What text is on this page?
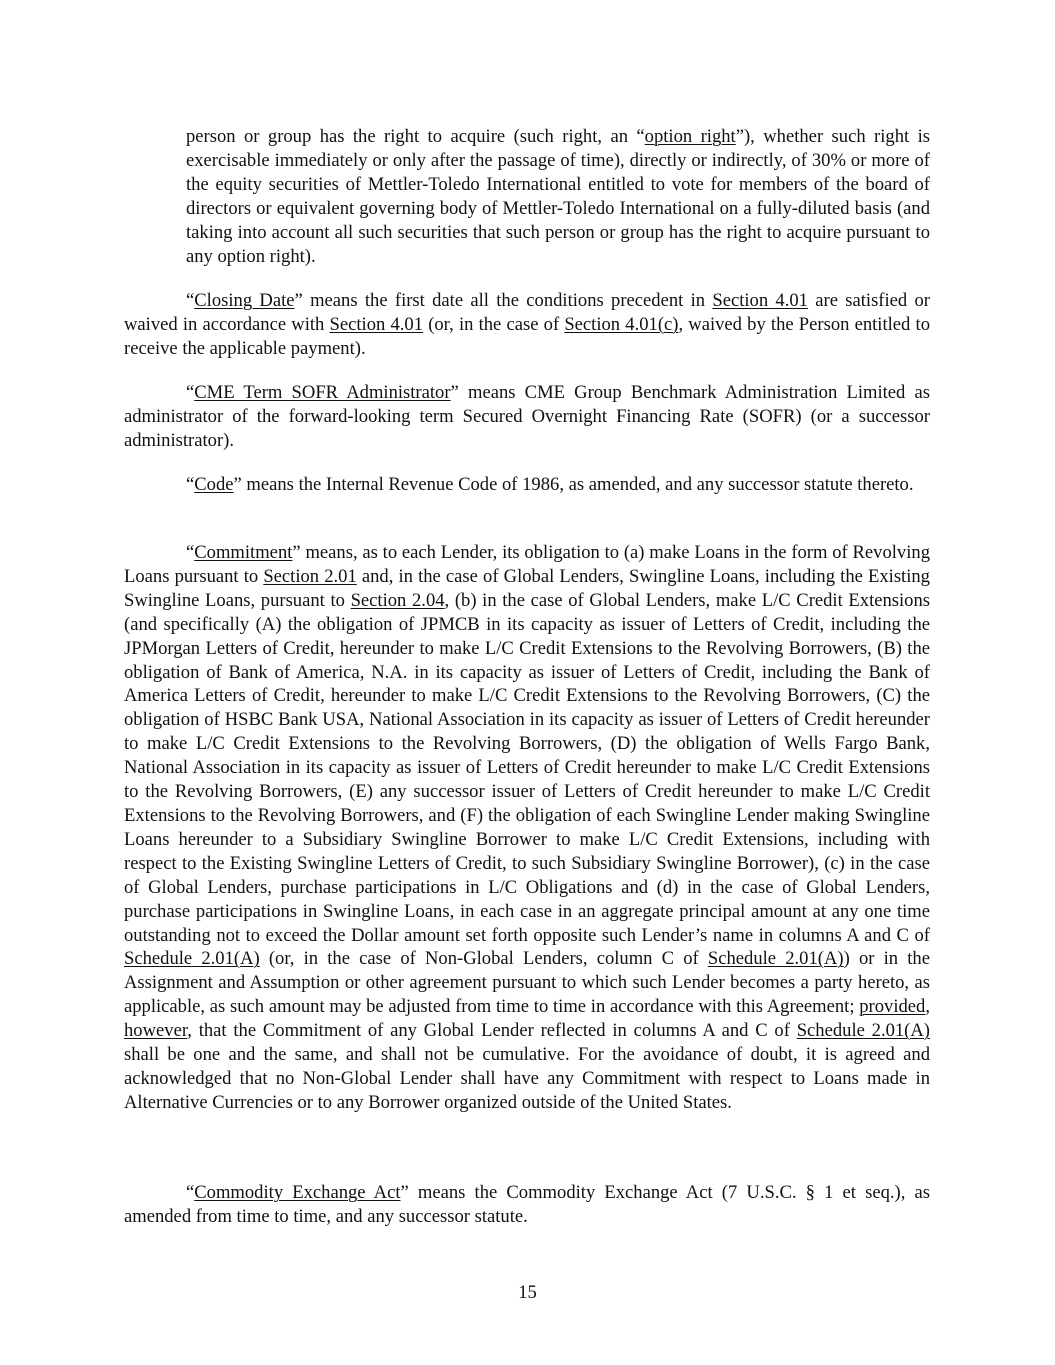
person or group has the right to acquire (such right, an “option right”), whether such right is exercisable immediately or only after the passage of time), directly or indirectly, of 30% or more of the equity securities of Mettler-Toledo International entitled to vote for members of the board of directors or equivalent governing body of Mettler-Toledo International on a fully-diluted basis (and taking into account all such securities that such person or group has the right to acquire pursuant to any option right).

“Closing Date” means the first date all the conditions precedent in Section 4.01 are satisfied or waived in accordance with Section 4.01 (or, in the case of Section 4.01(c), waived by the Person entitled to receive the applicable payment).

“CME Term SOFR Administrator” means CME Group Benchmark Administration Limited as administrator of the forward-looking term Secured Overnight Financing Rate (SOFR) (or a successor administrator).

“Code” means the Internal Revenue Code of 1986, as amended, and any successor statute thereto.

“Commitment” means, as to each Lender, its obligation to (a) make Loans in the form of Revolving Loans pursuant to Section 2.01 and, in the case of Global Lenders, Swingline Loans, including the Existing Swingline Loans, pursuant to Section 2.04, (b) in the case of Global Lenders, make L/C Credit Extensions (and specifically (A) the obligation of JPMCB in its capacity as issuer of Letters of Credit, including the JPMorgan Letters of Credit, hereunder to make L/C Credit Extensions to the Revolving Borrowers, (B) the obligation of Bank of America, N.A. in its capacity as issuer of Letters of Credit, including the Bank of America Letters of Credit, hereunder to make L/C Credit Extensions to the Revolving Borrowers, (C) the obligation of HSBC Bank USA, National Association in its capacity as issuer of Letters of Credit hereunder to make L/C Credit Extensions to the Revolving Borrowers, (D) the obligation of Wells Fargo Bank, National Association in its capacity as issuer of Letters of Credit hereunder to make L/C Credit Extensions to the Revolving Borrowers, (E) any successor issuer of Letters of Credit hereunder to make L/C Credit Extensions to the Revolving Borrowers, and (F) the obligation of each Swingline Lender making Swingline Loans hereunder to a Subsidiary Swingline Borrower to make L/C Credit Extensions, including with respect to the Existing Swingline Letters of Credit, to such Subsidiary Swingline Borrower), (c) in the case of Global Lenders, purchase participations in L/C Obligations and (d) in the case of Global Lenders, purchase participations in Swingline Loans, in each case in an aggregate principal amount at any one time outstanding not to exceed the Dollar amount set forth opposite such Lender’s name in columns A and C of Schedule 2.01(A) (or, in the case of Non-Global Lenders, column C of Schedule 2.01(A)) or in the Assignment and Assumption or other agreement pursuant to which such Lender becomes a party hereto, as applicable, as such amount may be adjusted from time to time in accordance with this Agreement; provided, however, that the Commitment of any Global Lender reflected in columns A and C of Schedule 2.01(A) shall be one and the same, and shall not be cumulative. For the avoidance of doubt, it is agreed and acknowledged that no Non-Global Lender shall have any Commitment with respect to Loans made in Alternative Currencies or to any Borrower organized outside of the United States.

“Commodity Exchange Act” means the Commodity Exchange Act (7 U.S.C. § 1 et seq.), as amended from time to time, and any successor statute.

15
